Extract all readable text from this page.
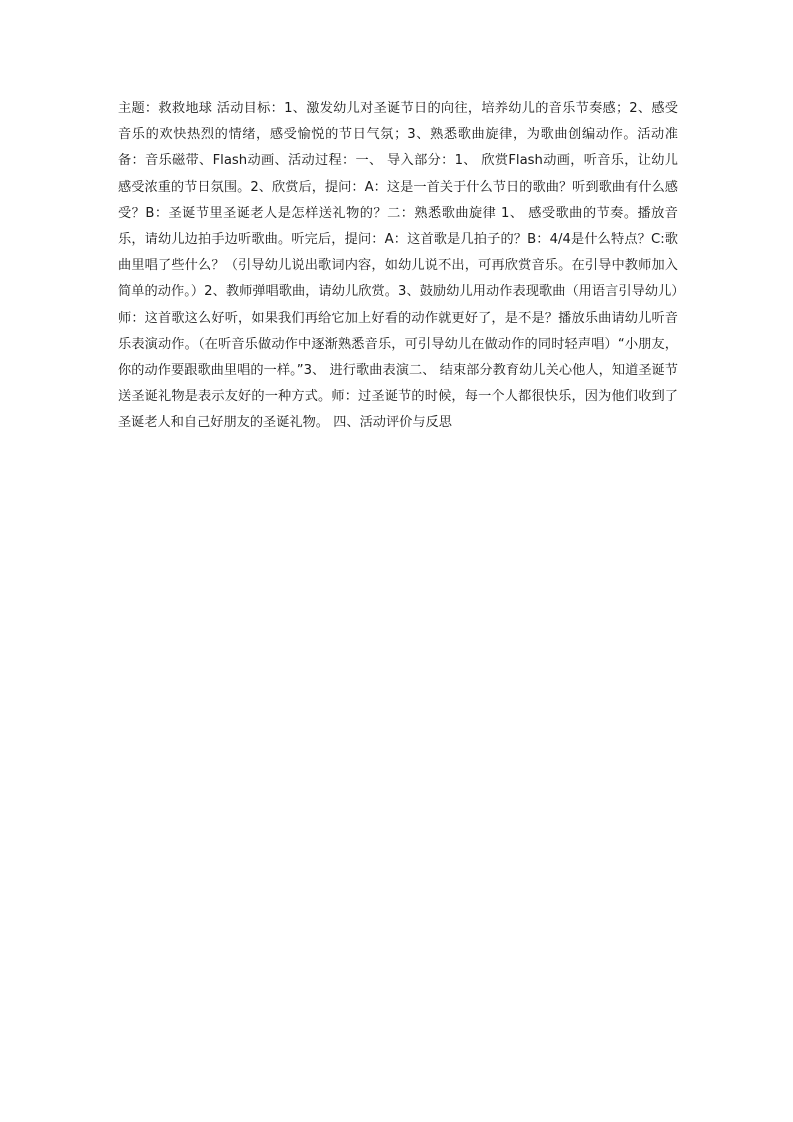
主题：救救地球 活动目标：1、激发幼儿对圣诞节日的向往，培养幼儿的音乐节奏感；2、感受音乐的欢快热烈的情绪，感受愉悦的节日气氛；3、熟悉歌曲旋律，为歌曲创编动作。活动准备：音乐磁带、Flash动画、活动过程：一、 导入部分：1、 欣赏Flash动画，听音乐，让幼儿感受浓重的节日氛围。2、欣赏后，提问：A：这是一首关于什么节日的歌曲？听到歌曲有什么感受？B：圣诞节里圣诞老人是怎样送礼物的？二：熟悉歌曲旋律 1、 感受歌曲的节奏。播放音乐，请幼儿边拍手边听歌曲。听完后，提问：A：这首歌是几拍子的？B：4/4是什么特点？C:歌曲里唱了些什么？（引导幼儿说出歌词内容，如幼儿说不出，可再欣赏音乐。在引导中教师加入简单的动作。）2、教师弹唱歌曲，请幼儿欣赏。3、鼓励幼儿用动作表现歌曲（用语言引导幼儿）师：这首歌这么好听，如果我们再给它加上好看的动作就更好了，是不是？播放乐曲请幼儿听音乐表演动作。（在听音乐做动作中逐渐熟悉音乐，可引导幼儿在做动作的同时轻声唱）“小朋友，你的动作要跟歌曲里唱的一样。”3、 进行歌曲表演二、 结束部分教育幼儿关心他人，知道圣诞节送圣诞礼物是表示友好的一种方式。师：过圣诞节的时候，每一个人都很快乐，因为他们收到了圣诞老人和自己好朋友的圣诞礼物。 四、活动评价与反思
